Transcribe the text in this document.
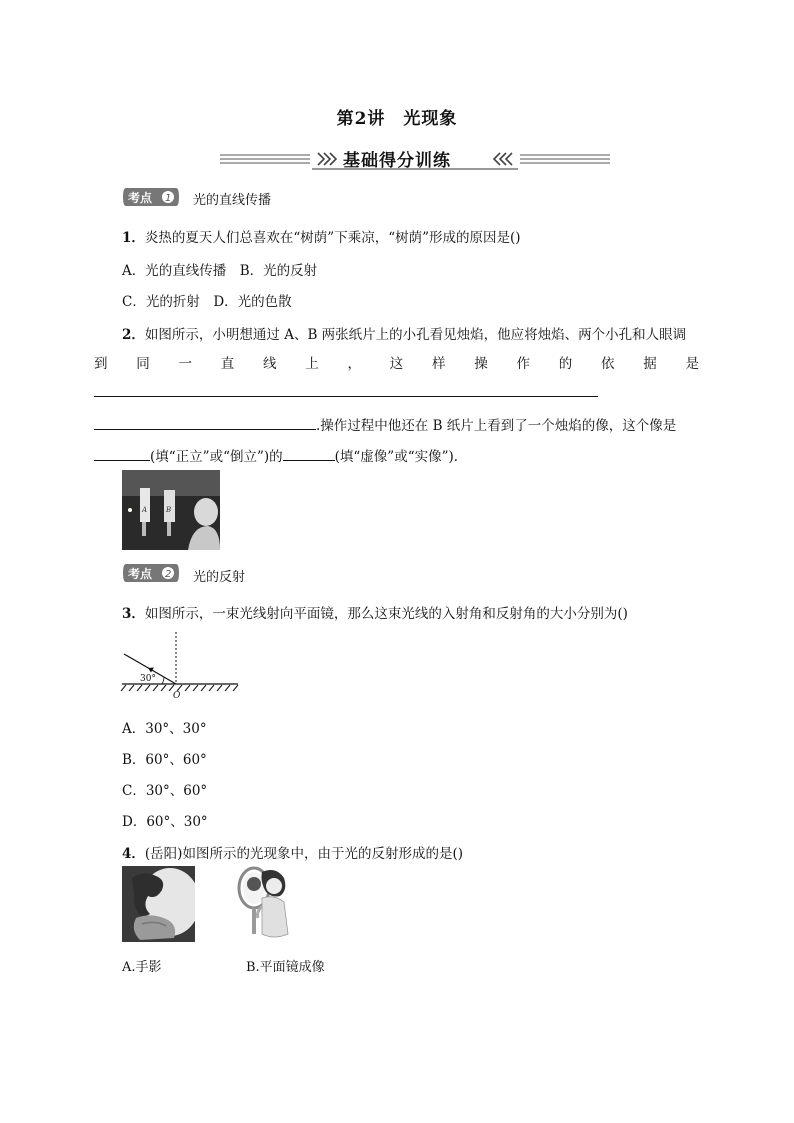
第2讲　光现象
基础得分训练
考点 1 光的直线传播
1．炎热的夏天人们总喜欢在“树荫”下乘凉，“树荫”形成的原因是()
A．光的直线传播　B．光的反射
C．光的折射　D．光的色散
2．如图所示，小明想通过 A、B 两张纸片上的小孔看见烛焰，他应将烛焰、两个小孔和人眼调
到 同 一 直 线 上 ， 这 样 操 作 的 依 据 是
.操作过程中他还在 B 纸片上看到了一个烛焰的像，这个像是
(填“正立”或“倒立”)的	(填“虚像”或“实像”)．
A	B
考点 2 光的反射
3．如图所示，一束光线射向平面镜，那么这束光线的入射角和反射角的大小分别为()
30°
O
A．30°、30°
B．60°、60°
C．30°、60°
D．60°、30°
4．(岳阳)如图所示的光现象中，由于光的反射形成的是()
A.手影	B.平面镜成像
